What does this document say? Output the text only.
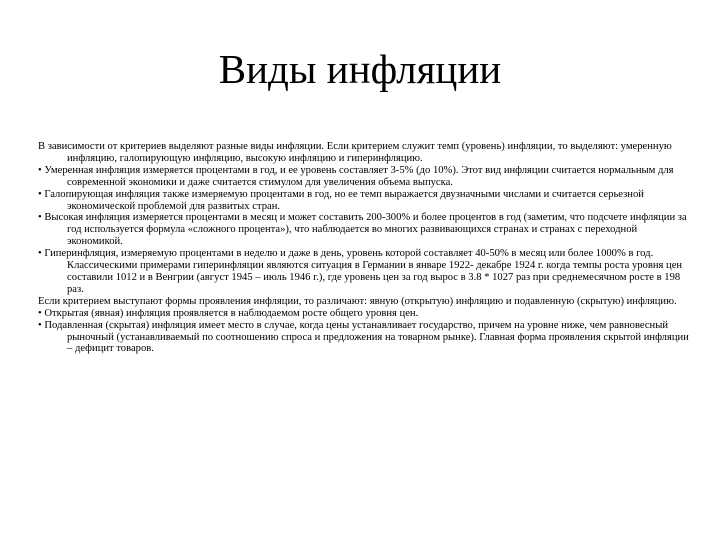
Виды инфляции

В зависимости от критериев выделяют разные виды инфляции. Если критерием служит темп (уровень) инфляции, то выделяют: умеренную инфляцию, галопирующую инфляцию, высокую инфляцию и гиперинфляцию.

• Умеренная инфляция измеряется процентами в год, и ее уровень составляет 3-5% (до 10%). Этот вид инфляции считается нормальным для современной экономики и даже считается стимулом для увеличения объема выпуска.

• Галопирующая инфляция также измеряемую процентами в год, но ее темп выражается двузначными числами и считается серьезной экономической проблемой для развитых стран.

• Высокая инфляция измеряется процентами в месяц и может составить 200-300% и более процентов в год (заметим, что подсчете инфляции за год используется формула «сложного процента»), что наблюдается во многих развивающихся странах и странах с переходной экономикой.

• Гиперинфляция, измеряемую процентами в неделю и даже в день, уровень которой составляет 40-50% в месяц или более 1000% в год. Классическими примерами гиперинфляции являются ситуация в Германии в январе 1922- декабре 1924 г. когда темпы роста уровня цен составили 1012 и в Венгрии (август 1945 – июль 1946 г.), где уровень цен за год вырос в 3.8 * 1027 раз при среднемесячном росте в 198 раз.

Если критерием выступают формы проявления инфляции, то различают: явную (открытую) инфляцию и подавленную (скрытую) инфляцию.

• Открытая (явная) инфляция проявляется в наблюдаемом росте общего уровня цен.

• Подавленная (скрытая) инфляция имеет место в случае, когда цены устанавливает государство, причем на уровне ниже, чем равновесный рыночный (устанавливаемый по соотношению спроса и предложения на товарном рынке). Главная форма проявления скрытой инфляции – дефицит товаров.
